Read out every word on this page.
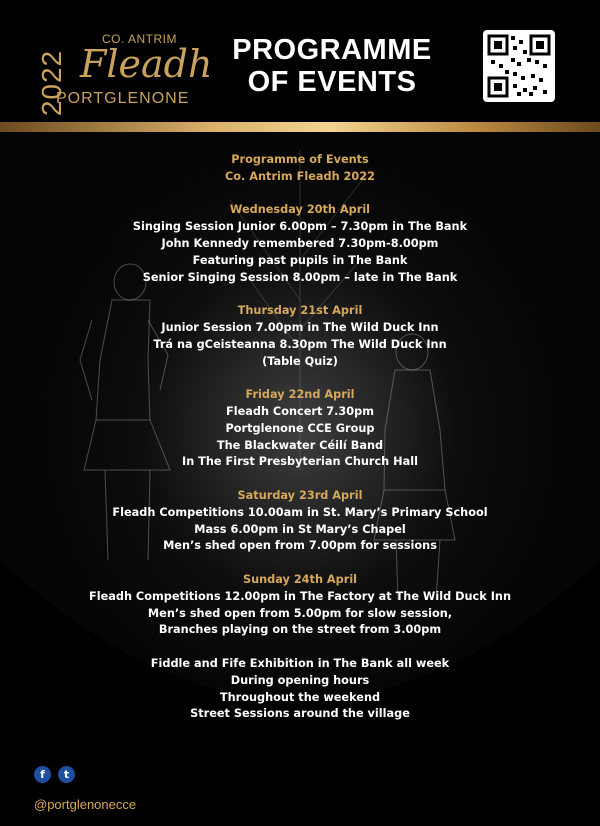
2022
CO. ANTRIM
Fleadh
PORTGLENONE
PROGRAMME
OF EVENTS
Programme of Events
Co. Antrim Fleadh 2022
Wednesday 20th April
Singing Session Junior 6.00pm – 7.30pm in The Bank
John Kennedy remembered 7.30pm-8.00pm
Featuring past pupils in The Bank
Senior Singing Session 8.00pm – late in The Bank
Thursday 21st April
Junior Session 7.00pm in The Wild Duck Inn
Trá na gCeisteanna 8.30pm The Wild Duck Inn
(Table Quiz)
Friday 22nd April
Fleadh Concert 7.30pm
Portglenone CCE Group
The Blackwater Céilí Band
In The First Presbyterian Church Hall
Saturday 23rd April
Fleadh Competitions 10.00am in St. Mary’s Primary School
Mass 6.00pm in St Mary’s Chapel
Men’s shed open from 7.00pm for sessions
Sunday 24th April
Fleadh Competitions 12.00pm in The Factory at The Wild Duck Inn
Men’s shed open from 5.00pm for slow session,
Branches playing on the street from 3.00pm
Fiddle and Fife Exhibition in The Bank all week
During opening hours
Throughout the weekend
Street Sessions around the village
f	t
@portglenonecce
